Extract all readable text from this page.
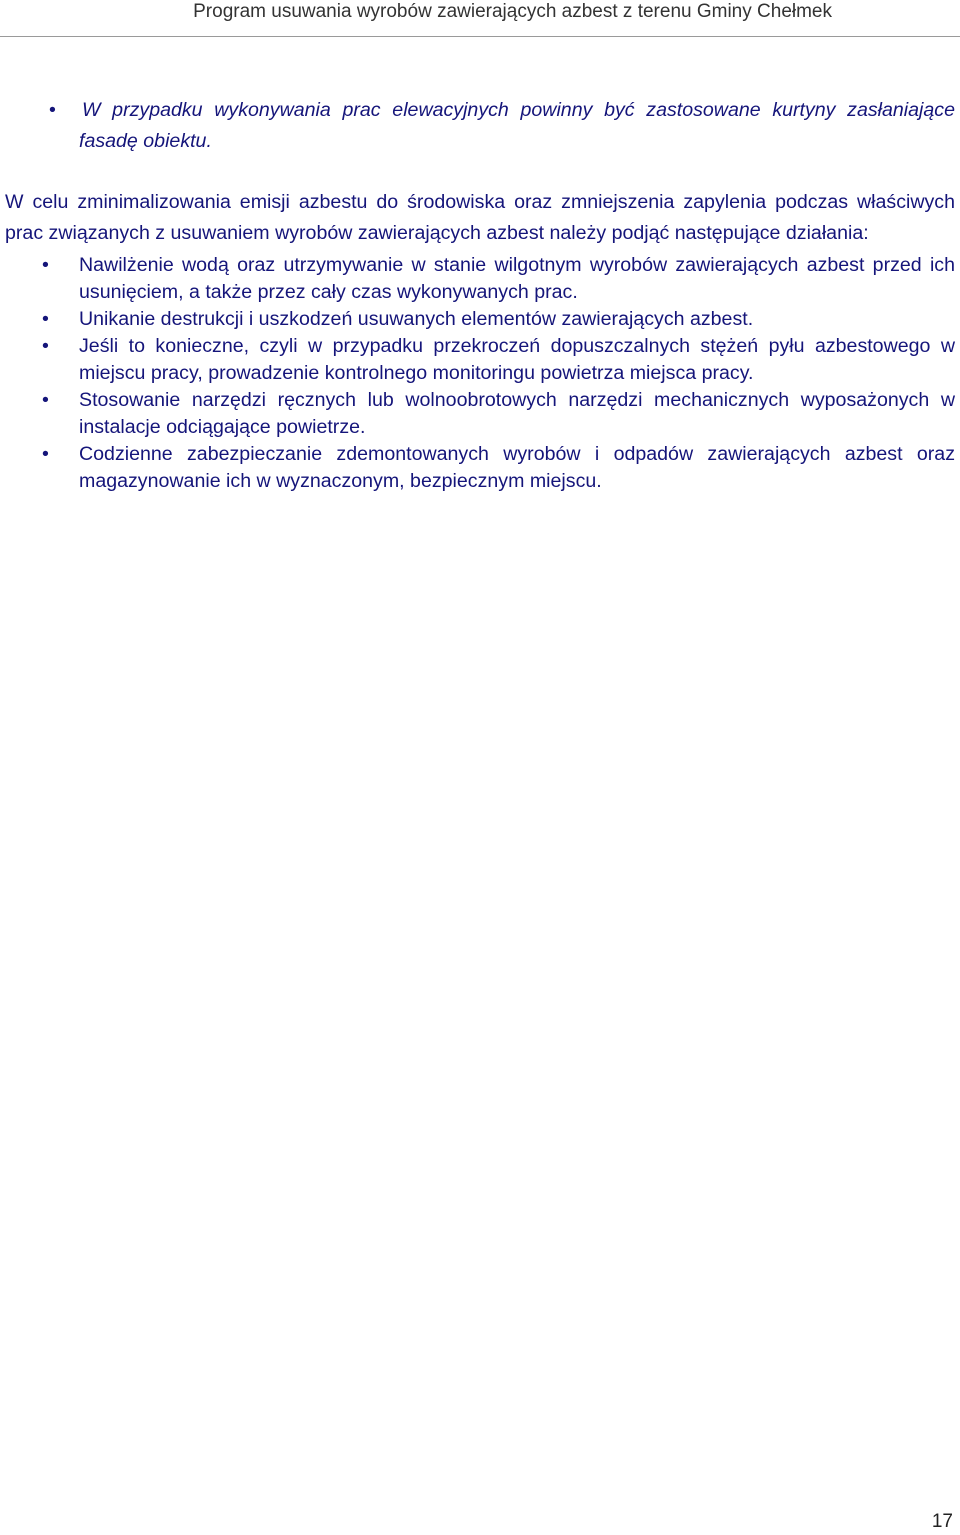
Program usuwania wyrobów zawierających azbest z terenu Gminy Chełmek
• W przypadku wykonywania prac elewacyjnych powinny być zastosowane kurtyny zasłaniające fasadę obiektu.

W celu zminimalizowania emisji azbestu do środowiska oraz zmniejszenia zapylenia podczas właściwych prac związanych z usuwaniem wyrobów zawierających azbest należy podjąć następujące działania:

• Nawilżenie wodą oraz utrzymywanie w stanie wilgotnym wyrobów zawierających azbest przed ich usunięciem, a także przez cały czas wykonywanych prac.
• Unikanie destrukcji i uszkodzeń usuwanych elementów zawierających azbest.
• Jeśli to konieczne, czyli w przypadku przekroczeń dopuszczalnych stężeń pyłu azbestowego w miejscu pracy, prowadzenie kontrolnego monitoringu powietrza miejsca pracy.
• Stosowanie narzędzi ręcznych lub wolnoobrotowych narzędzi mechanicznych wyposażonych w instalacje odciągające powietrze.
• Codzienne zabezpieczanie zdemontowanych wyrobów i odpadów zawierających azbest oraz magazynowanie ich w wyznaczonym, bezpiecznym miejscu.
17
